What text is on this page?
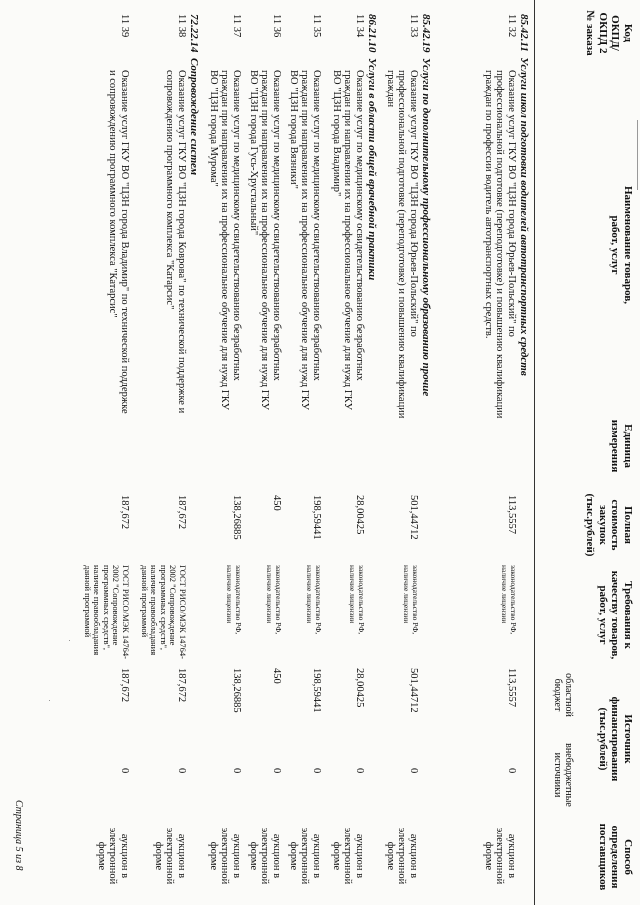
Код
ОКПД/
ОКПД 2
№ заказа
Наименование товаров,
работ, услуг
Единица
измерения
Полная
стоимость
закупок
(тыс.рублей)
Требования к
качеству товаров,
работ, услуг
Источник
финансирования
(тыс.рублей)
областной
бюджет
внебюджетные
источники
Способ
определения
поставщиков
85.42.11  Услуги школ подготовки водителей автотранспортных средств
11 32
Оказание услуг ГКУ ВО "ЦЗН города Юрьев-Польский" по профессиональной подготовке (переподготовке) и повышению квалификации граждан по профессии водитель автотранспортных средств.
113,5557
законодательство РФ, наличие лицензии
113,5557
0
аукцион в электронной форме
85.42.19  Услуги по дополнительному профессиональному образованию прочие
11 33
Оказание услуг ГКУ ВО "ЦЗН города Юрьев-Польский" по профессиональной подготовке (переподготовке) и повышению квалификации граждан
501,44712
законодательство РФ, наличие лицензии
501,44712
0
аукцион в электронной форме
86.21.10  Услуги в области общей врачебной практики
11 34
Оказание услуг по медицинскому освидетельствованию безработных граждан при направлении их на профессиональное обучение для нужд ГКУ ВО "ЦЗН города Владимир"
28,00425
законодательство РФ, наличие лицензии
28,00425
0
аукцион в электронной форме
11 35
Оказание услуг по медицинскому освидетельствованию безработных граждан при направлении их на профессиональное обучение для нужд ГКУ ВО "ЦЗН города Вязники"
198,59441
законодательство РФ, наличие лицензии
198,59441
0
аукцион в электронной форме
11 36
Оказание услуг по медицинскому освидетельствованию безработных граждан при направлении их на профессиональное обучение для нужд ГКУ ВО "ЦЗН города Гусь-Хрустальный"
450
законодательство РФ, наличие лицензии
450
0
аукцион в электронной форме
11 37
Оказание услуг по медицинскому освидетельствованию безработных граждан при направлении их на профессиональное обучение для нужд ГКУ ВО "ЦЗН города Мурома"
138,26885
законодательство РФ, наличие лицензии
138,26885
0
аукцион в электронной форме
72.22.14  Сопровождение систем
11 38
Оказание услуг ГКУ ВО "ЦЗН города Коврова" по технической поддержке и сопровождению программного комплекса "Катарсис"
187,672
ГОСТ РИСО/МЭК 14764-2002 "Сопровождение программных средств", наличие правообладания данной программой
187,672
0
аукцион в электронной форме
11 39
Оказание услуг ГКУ ВО "ЦЗН города Владимир" по технической поддержке и сопровождению программного комплекса "Катарсис"
187,672
ГОСТ РИСО/МЭК 14764-2002 "Сопровождение программных средств", наличие правообладания данной программой
187,672
0
аукцион в электронной форме
Страница 5 из 8
